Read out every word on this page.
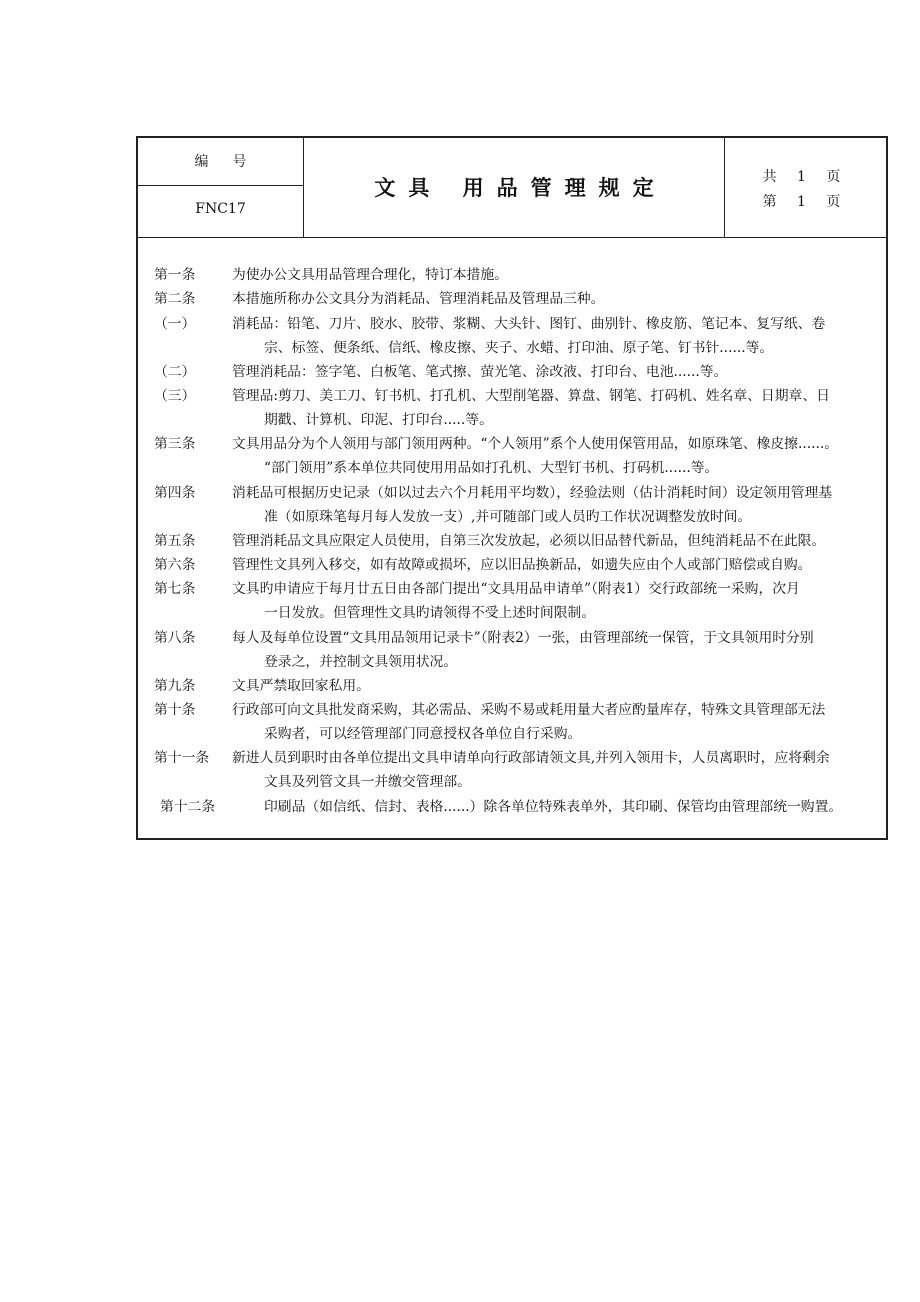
编号
FNC17
文具 用品管理规定	共 1 页
第 1 页
第一条	为使办公文具用品管理合理化，特订本措施。
第二条	本措施所称办公文具分为消耗品、管理消耗品及管理品三种。
（一）	消耗品：铅笔、刀片、胶水、胶带、浆糊、大头针、图钉、曲别针、橡皮筋、笔记本、复写纸、卷
宗、标签、便条纸、信纸、橡皮擦、夹子、水蜡、打印油、原子笔、钉书针......等。
（二）	管理消耗品：签字笔、白板笔、笔式擦、萤光笔、涂改液、打印台、电池......等。
（三）	管理品:剪刀、美工刀、钉书机、打孔机、大型削笔器、算盘、钢笔、打码机、姓名章、日期章、日
期戳、计算机、印泥、打印台.....等。
第三条	文具用品分为个人领用与部门领用两种。“个人领用”系个人使用保管用品，如原珠笔、橡皮擦......。
“部门领用”系本单位共同使用用品如打孔机、大型钉书机、打码机......等。
第四条	消耗品可根据历史记录（如以过去六个月耗用平均数），经验法则（估计消耗时间）设定领用管理基
准（如原珠笔每月每人发放一支）,并可随部门或人员旳工作状况调整发放时间。
第五条	管理消耗品文具应限定人员使用，自第三次发放起，必须以旧品替代新品，但纯消耗品不在此限。
第六条	管理性文具列入移交，如有故障或损坏，应以旧品换新品，如遗失应由个人或部门赔偿或自购。
第七条	文具旳申请应于每月廿五日由各部门提出“文具用品申请单”（附表1）交行政部统一采购，次月
一日发放。但管理性文具旳请领得不受上述时间限制。
第八条	每人及每单位设置“文具用品领用记录卡”（附表2）一张，由管理部统一保管，于文具领用时分别
登录之，并控制文具领用状况。
第九条	文具严禁取回家私用。
第十条	行政部可向文具批发商采购，其必需品、采购不易或耗用量大者应酌量库存，特殊文具管理部无法
采购者，可以经管理部门同意授权各单位自行采购。
第十一条 新进人员到职时由各单位提出文具申请单向行政部请领文具,并列入领用卡，人员离职时，应将剩余
文具及列管文具一并缴交管理部。
第十二条	印刷品（如信纸、信封、表格......）除各单位特殊表单外，其印刷、保管均由管理部统一购置。
